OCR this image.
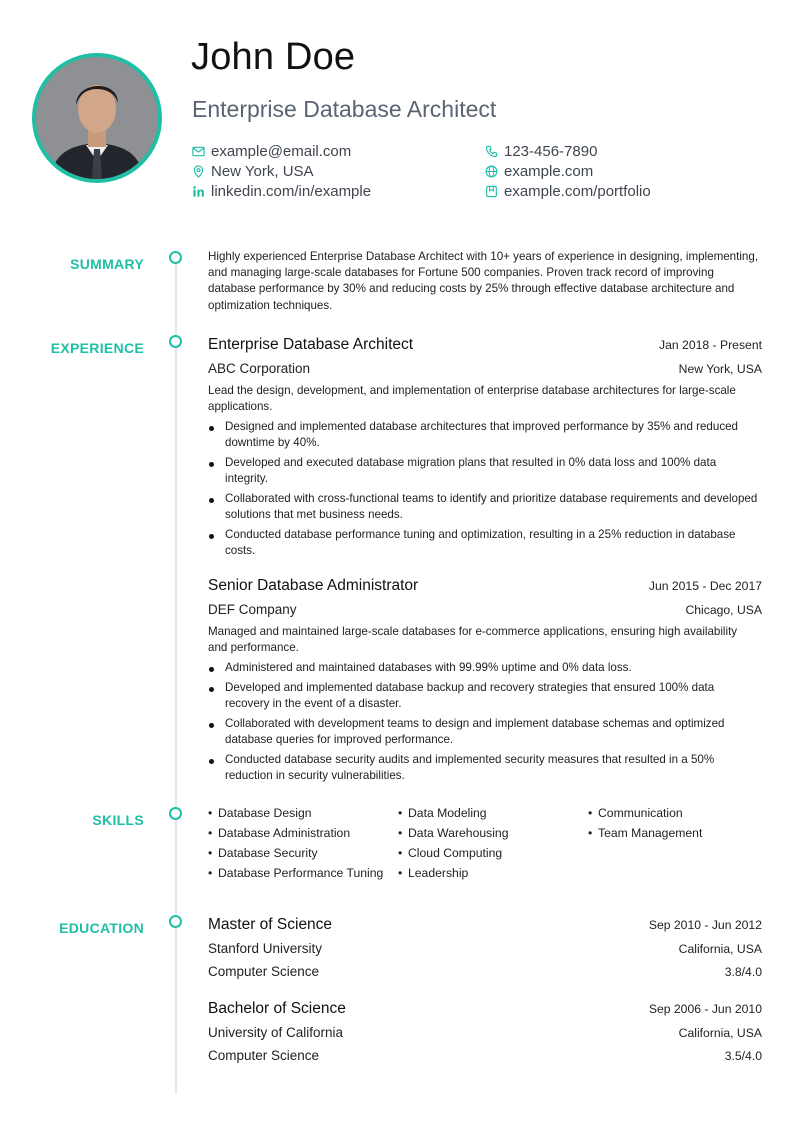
John Doe
Enterprise Database Architect
example@email.com	123-456-7890
New York, USA	example.com
linkedin.com/in/example	example.com/portfolio
SUMMARY	Highly experienced Enterprise Database Architect with 10+ years of experience in designing, implementing, and managing large-scale databases for Fortune 500 companies. Proven track record of improving database performance by 30% and reducing costs by 25% through effective database architecture and optimization techniques.
EXPERIENCE	Enterprise Database Architect	Jan 2018 - Present
ABC Corporation	New York, USA
Lead the design, development, and implementation of enterprise database architectures for large-scale applications.
Designed and implemented database architectures that improved performance by 35% and reduced downtime by 40%.
Developed and executed database migration plans that resulted in 0% data loss and 100% data integrity.
Collaborated with cross-functional teams to identify and prioritize database requirements and developed solutions that met business needs.
Conducted database performance tuning and optimization, resulting in a 25% reduction in database costs.
Senior Database Administrator	Jun 2015 - Dec 2017
DEF Company	Chicago, USA
Managed and maintained large-scale databases for e-commerce applications, ensuring high availability and performance.
Administered and maintained databases with 99.99% uptime and 0% data loss.
Developed and implemented database backup and recovery strategies that ensured 100% data recovery in the event of a disaster.
Collaborated with development teams to design and implement database schemas and optimized database queries for improved performance.
Conducted database security audits and implemented security measures that resulted in a 50% reduction in security vulnerabilities.
SKILLS	• Database Design	• Data Modeling	• Communication
• Database Administration	• Data Warehousing	• Team Management
• Database Security	• Cloud Computing
• Database Performance Tuning • Leadership
EDUCATION	Master of Science	Sep 2010 - Jun 2012
Stanford University	California, USA
Computer Science	3.8/4.0
Bachelor of Science	Sep 2006 - Jun 2010
University of California	California, USA
Computer Science	3.5/4.0
